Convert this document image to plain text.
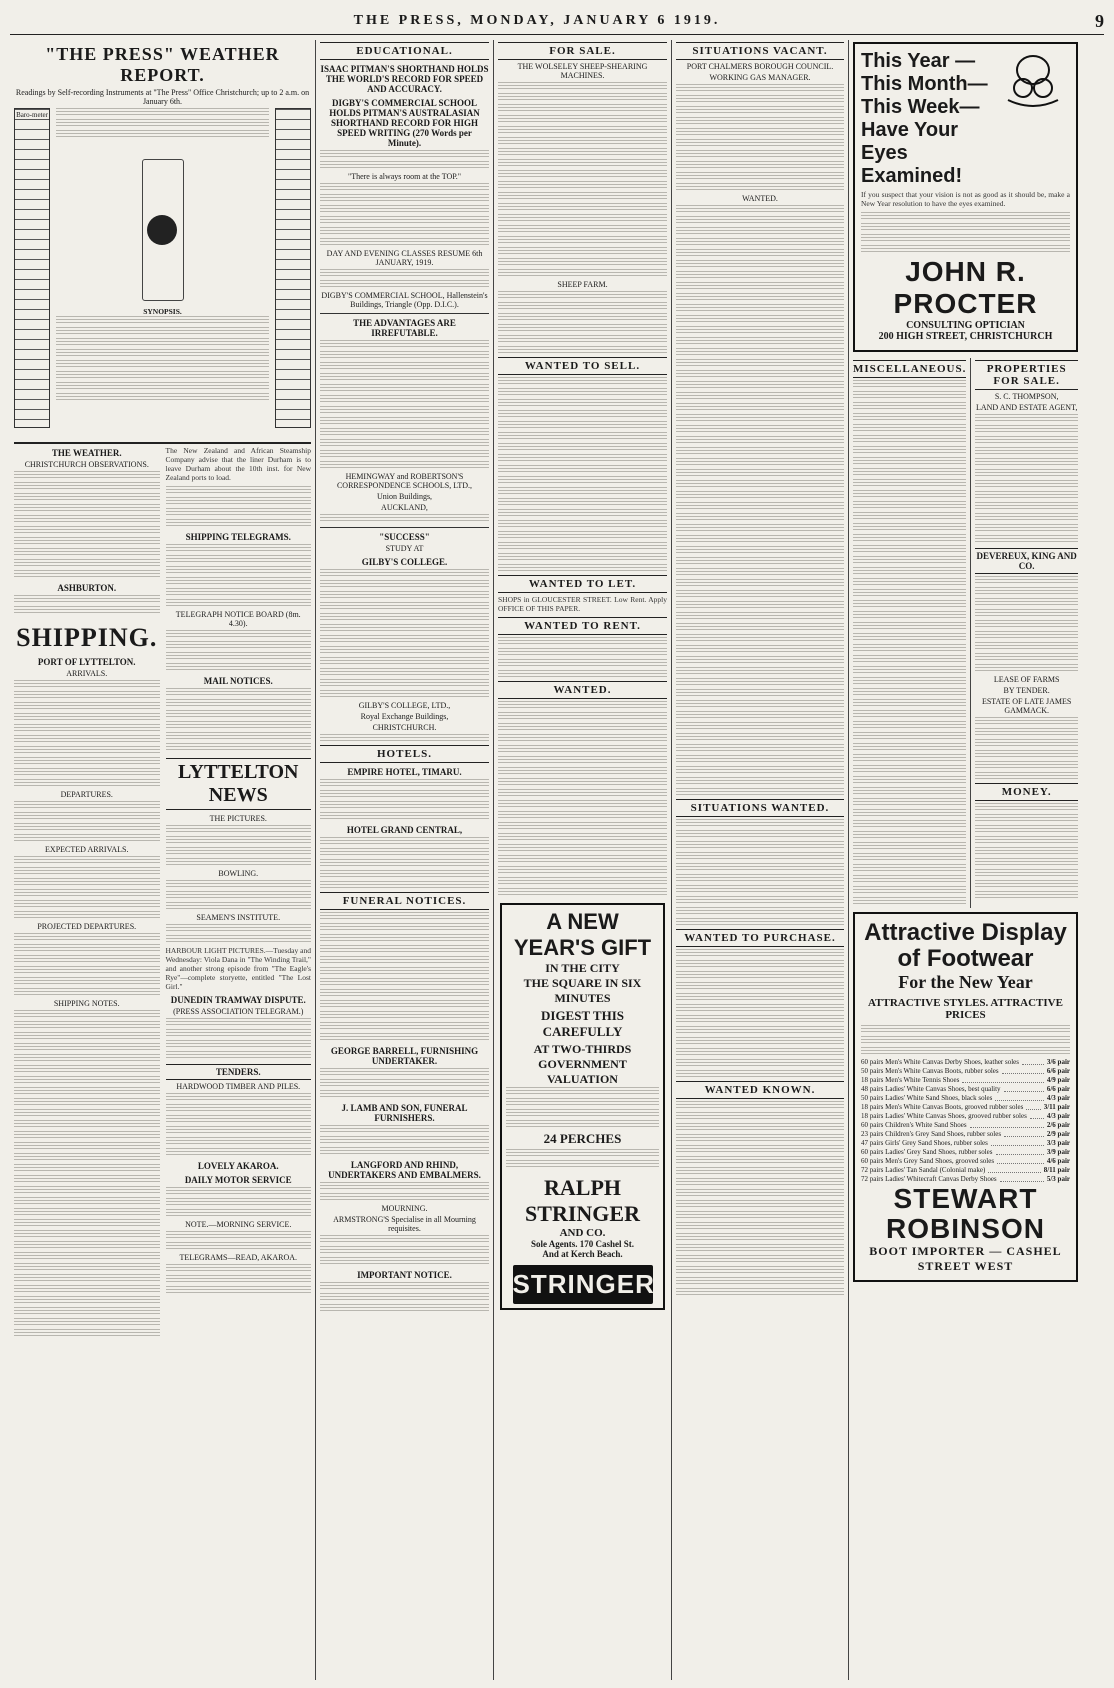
THE PRESS, MONDAY, JANUARY 6 1919.	9
"THE PRESS" WEATHER REPORT.
Readings by Self-recording Instruments at "The Press" Office Christchurch; up to 2 a.m. on January 6th.
Baro-meter
SYNOPSIS.
THE WEATHER.
CHRISTCHURCH OBSERVATIONS.
ASHBURTON.
SHIPPING.
PORT OF LYTTELTON.
ARRIVALS.
DEPARTURES.
EXPECTED ARRIVALS.
PROJECTED DEPARTURES.
SHIPPING NOTES.
The New Zealand and African Steamship Company advise that the liner Durham is to leave Durham about the 10th inst. for New Zealand ports to load.
SHIPPING TELEGRAMS.
TELEGRAPH NOTICE BOARD (8m. 4.30).
MAIL NOTICES.
LYTTELTON NEWS
THE PICTURES.
BOWLING.
SEAMEN'S INSTITUTE.
HARBOUR LIGHT PICTURES.—Tuesday and Wednesday: Viola Dana in "The Winding Trail," and another strong episode from "The Eagle's Rye"—complete storyette, entitled "The Lost Girl."
DUNEDIN TRAMWAY DISPUTE.
(PRESS ASSOCIATION TELEGRAM.)
TENDERS.
HARDWOOD TIMBER AND PILES.
LOVELY AKAROA.
DAILY MOTOR SERVICE
NOTE.—MORNING SERVICE.
TELEGRAMS—READ, AKAROA.
EDUCATIONAL.
ISAAC PITMAN'S SHORTHAND HOLDS THE WORLD'S RECORD FOR SPEED AND ACCURACY.
DIGBY'S COMMERCIAL SCHOOL HOLDS PITMAN'S AUSTRALASIAN SHORTHAND RECORD FOR HIGH SPEED WRITING (270 Words per Minute).
"There is always room at the TOP."
DAY AND EVENING CLASSES RESUME 6th JANUARY, 1919.
DIGBY'S COMMERCIAL SCHOOL, Hallenstein's Buildings, Triangle (Opp. D.I.C.).
THE ADVANTAGES ARE IRREFUTABLE.
HEMINGWAY and ROBERTSON'S CORRESPONDENCE SCHOOLS, LTD.,
Union Buildings,
AUCKLAND,
"SUCCESS"
STUDY AT
GILBY'S COLLEGE.
GILBY'S COLLEGE, LTD.,
Royal Exchange Buildings,
CHRISTCHURCH.
HOTELS.
EMPIRE HOTEL, TIMARU.
HOTEL GRAND CENTRAL,
FUNERAL NOTICES.
GEORGE BARRELL, FURNISHING UNDERTAKER.
J. LAMB AND SON, FUNERAL FURNISHERS.
LANGFORD AND RHIND, UNDERTAKERS AND EMBALMERS.
MOURNING.
ARMSTRONG'S Specialise in all Mourning requisites.
IMPORTANT NOTICE.
FOR SALE.
THE WOLSELEY SHEEP-SHEARING MACHINES.
SHEEP FARM.
WANTED TO SELL.
WANTED TO LET.
SHOPS in GLOUCESTER STREET. Low Rent. Apply OFFICE OF THIS PAPER.
WANTED TO RENT.
WANTED.
A NEW YEAR'S GIFT
IN THE CITY
THE SQUARE IN SIX MINUTES
DIGEST THIS CAREFULLY
AT TWO-THIRDS GOVERNMENT VALUATION
24 PERCHES
RALPH STRINGER
AND CO.
Sole Agents. 170 Cashel St.
And at Kerch Beach.
STRINGER
SITUATIONS VACANT.
PORT CHALMERS BOROUGH COUNCIL.
WORKING GAS MANAGER.
WANTED.
SITUATIONS WANTED.
WANTED TO PURCHASE.
WANTED KNOWN.
This Year — This Month—This Week—Have Your Eyes Examined!
If you suspect that your vision is not as good as it should be, make a New Year resolution to have the eyes examined.
JOHN R. PROCTER
CONSULTING OPTICIAN
200 HIGH STREET, CHRISTCHURCH
MISCELLANEOUS.	PROPERTIES FOR SALE.
S. C. THOMPSON,
LAND AND ESTATE AGENT,
DEVEREUX, KING AND CO.
LEASE OF FARMS
BY TENDER.
ESTATE OF LATE JAMES GAMMACK.
MONEY.
Attractive Display of Footwear
For the New Year
ATTRACTIVE STYLES. ATTRACTIVE PRICES
60 pairs Men's White Canvas Derby Shoes, leather soles	3/6 pair
50 pairs Men's White Canvas Boots, rubber soles	6/6 pair
18 pairs Men's White Tennis Shoes	4/9 pair
48 pairs Ladies' White Canvas Shoes, best quality	6/6 pair
50 pairs Ladies' White Sand Shoes, black soles	4/3 pair
18 pairs Men's White Canvas Boots, grooved rubber soles	3/11 pair
18 pairs Ladies' White Canvas Shoes, grooved rubber soles	4/3 pair
60 pairs Children's White Sand Shoes	2/6 pair
23 pairs Children's Grey Sand Shoes, rubber soles	2/9 pair
47 pairs Girls' Grey Sand Shoes, rubber soles	3/3 pair
60 pairs Ladies' Grey Sand Shoes, rubber soles	3/9 pair
60 pairs Men's Grey Sand Shoes, grooved soles	4/6 pair
72 pairs Ladies' Tan Sandal (Colonial make)	8/11 pair
72 pairs Ladies' Whitecraft Canvas Derby Shoes	5/3 pair
STEWART ROBINSON
BOOT IMPORTER — CASHEL STREET WEST
